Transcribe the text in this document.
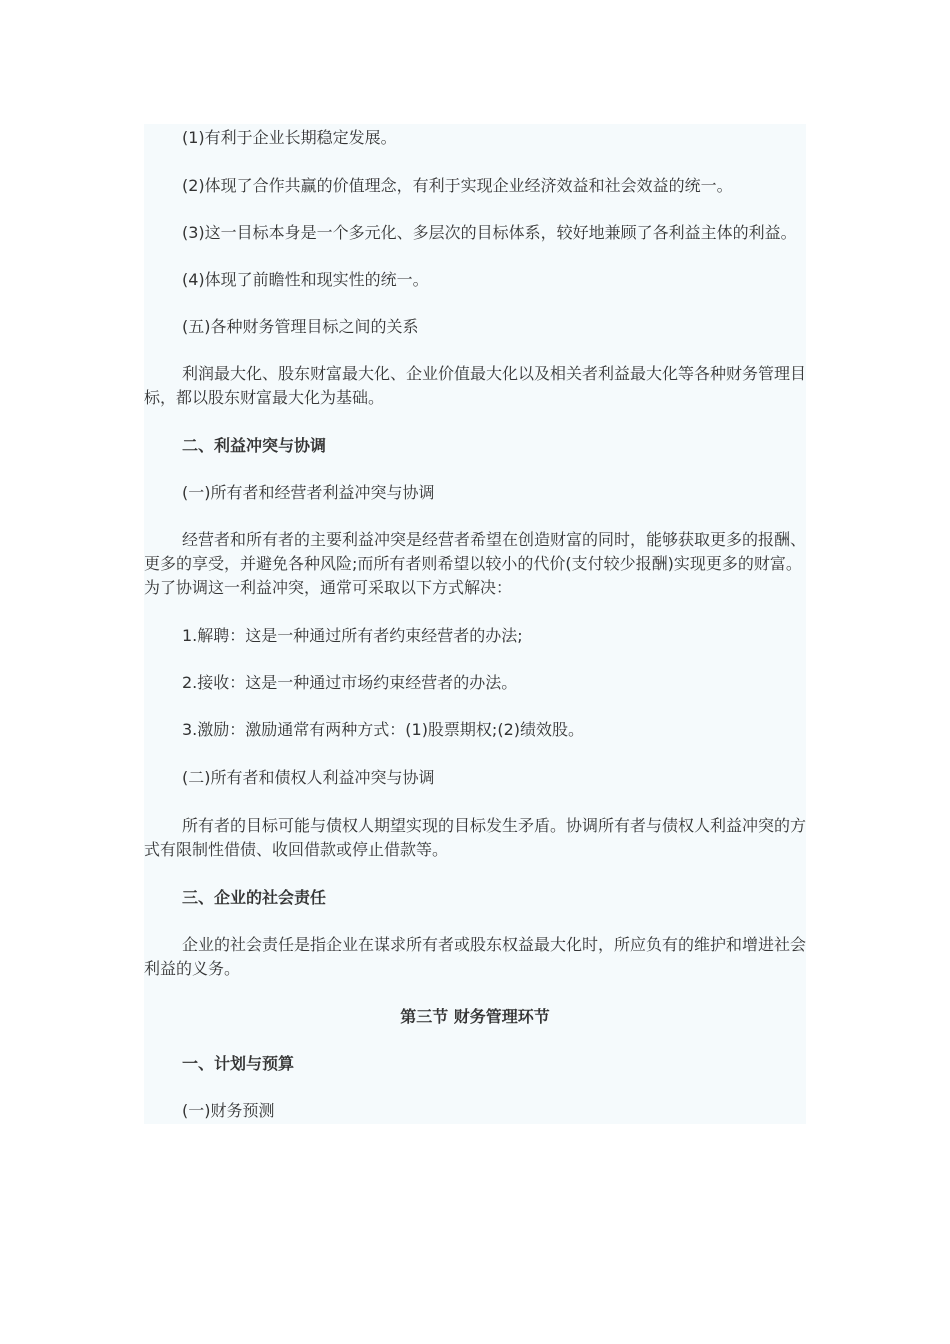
(1)有利于企业长期稳定发展。

(2)体现了合作共赢的价值理念，有利于实现企业经济效益和社会效益的统一。

(3)这一目标本身是一个多元化、多层次的目标体系，较好地兼顾了各利益主体的利益。

(4)体现了前瞻性和现实性的统一。

(五)各种财务管理目标之间的关系

利润最大化、股东财富最大化、企业价值最大化以及相关者利益最大化等各种财务管理目标，都以股东财富最大化为基础。

二、利益冲突与协调

(一)所有者和经营者利益冲突与协调

经营者和所有者的主要利益冲突是经营者希望在创造财富的同时，能够获取更多的报酬、更多的享受，并避免各种风险;而所有者则希望以较小的代价(支付较少报酬)实现更多的财富。为了协调这一利益冲突，通常可采取以下方式解决：

1.解聘：这是一种通过所有者约束经营者的办法;

2.接收：这是一种通过市场约束经营者的办法。

3.激励：激励通常有两种方式：(1)股票期权;(2)绩效股。

(二)所有者和债权人利益冲突与协调

所有者的目标可能与债权人期望实现的目标发生矛盾。协调所有者与债权人利益冲突的方式有限制性借债、收回借款或停止借款等。

三、企业的社会责任

企业的社会责任是指企业在谋求所有者或股东权益最大化时，所应负有的维护和增进社会利益的义务。

第三节 财务管理环节

一、计划与预算

(一)财务预测
